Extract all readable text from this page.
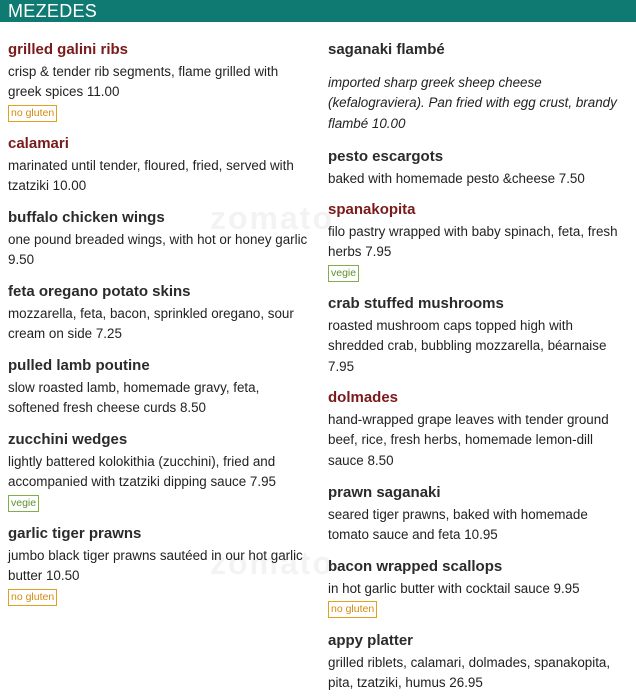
MEZEDES
grilled galini ribs
crisp & tender rib segments, flame grilled with greek spices 11.00
no gluten
calamari
marinated until tender, floured, fried, served with tzatziki 10.00
buffalo chicken wings
one pound breaded wings, with hot or honey garlic 9.50
feta oregano potato skins
mozzarella, feta, bacon, sprinkled oregano, sour cream on side 7.25
pulled lamb poutine
slow roasted lamb, homemade gravy, feta, softened fresh cheese curds 8.50
zucchini wedges
lightly battered kolokithia (zucchini), fried and accompanied with tzatziki dipping sauce 7.95
vegie
garlic tiger prawns
jumbo black tiger prawns sautéed in our hot garlic butter 10.50
no gluten
saganaki flambé
imported sharp greek sheep cheese (kefalograviera). Pan fried with egg crust, brandy flambé 10.00
pesto escargots
baked with homemade pesto &cheese 7.50
spanakopita
filo pastry wrapped with baby spinach, feta, fresh herbs 7.95
vegie
crab stuffed mushrooms
roasted mushroom caps topped high with shredded crab, bubbling mozzarella, béarnaise 7.95
dolmades
hand-wrapped grape leaves with tender ground beef, rice, fresh herbs, homemade lemon-dill sauce 8.50
prawn saganaki
seared tiger prawns, baked with homemade tomato sauce and feta 10.95
bacon wrapped scallops
in hot garlic butter with cocktail sauce 9.95
no gluten
appy platter
grilled riblets, calamari, dolmades, spanakopita, pita, tzatziki, humus 26.95
